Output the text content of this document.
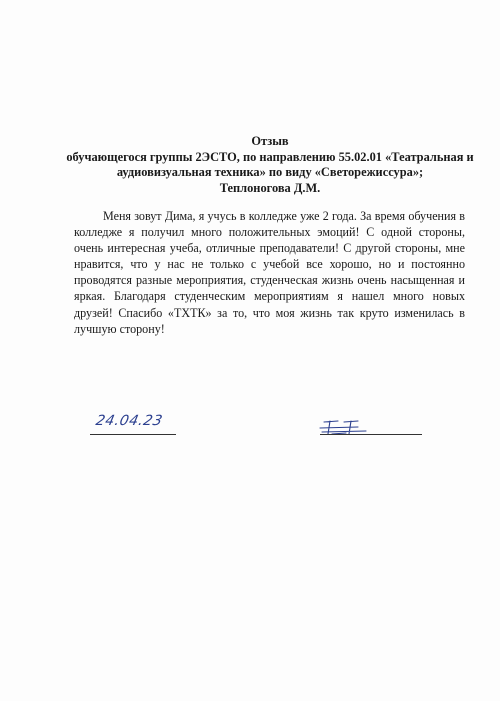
Отзыв
обучающегося группы 2ЭСТО, по направлению 55.02.01 «Театральная и
аудиовизуальная техника» по виду «Светорежиссура»;
Теплоногова Д.М.

Меня зовут Дима, я учусь в колледже уже 2 года. За время обучения в колледже я получил много положительных эмоций! С одной стороны, очень интересная учеба, отличные преподаватели! С другой стороны, мне нравится, что у нас не только с учебой все хорошо, но и постоянно проводятся разные мероприятия, студенческая жизнь очень насыщенная и яркая. Благодаря студенческим мероприятиям я нашел много новых друзей! Спасибо «ТХТК» за то, что моя жизнь так круто изменилась в лучшую сторону!

24.04.23
